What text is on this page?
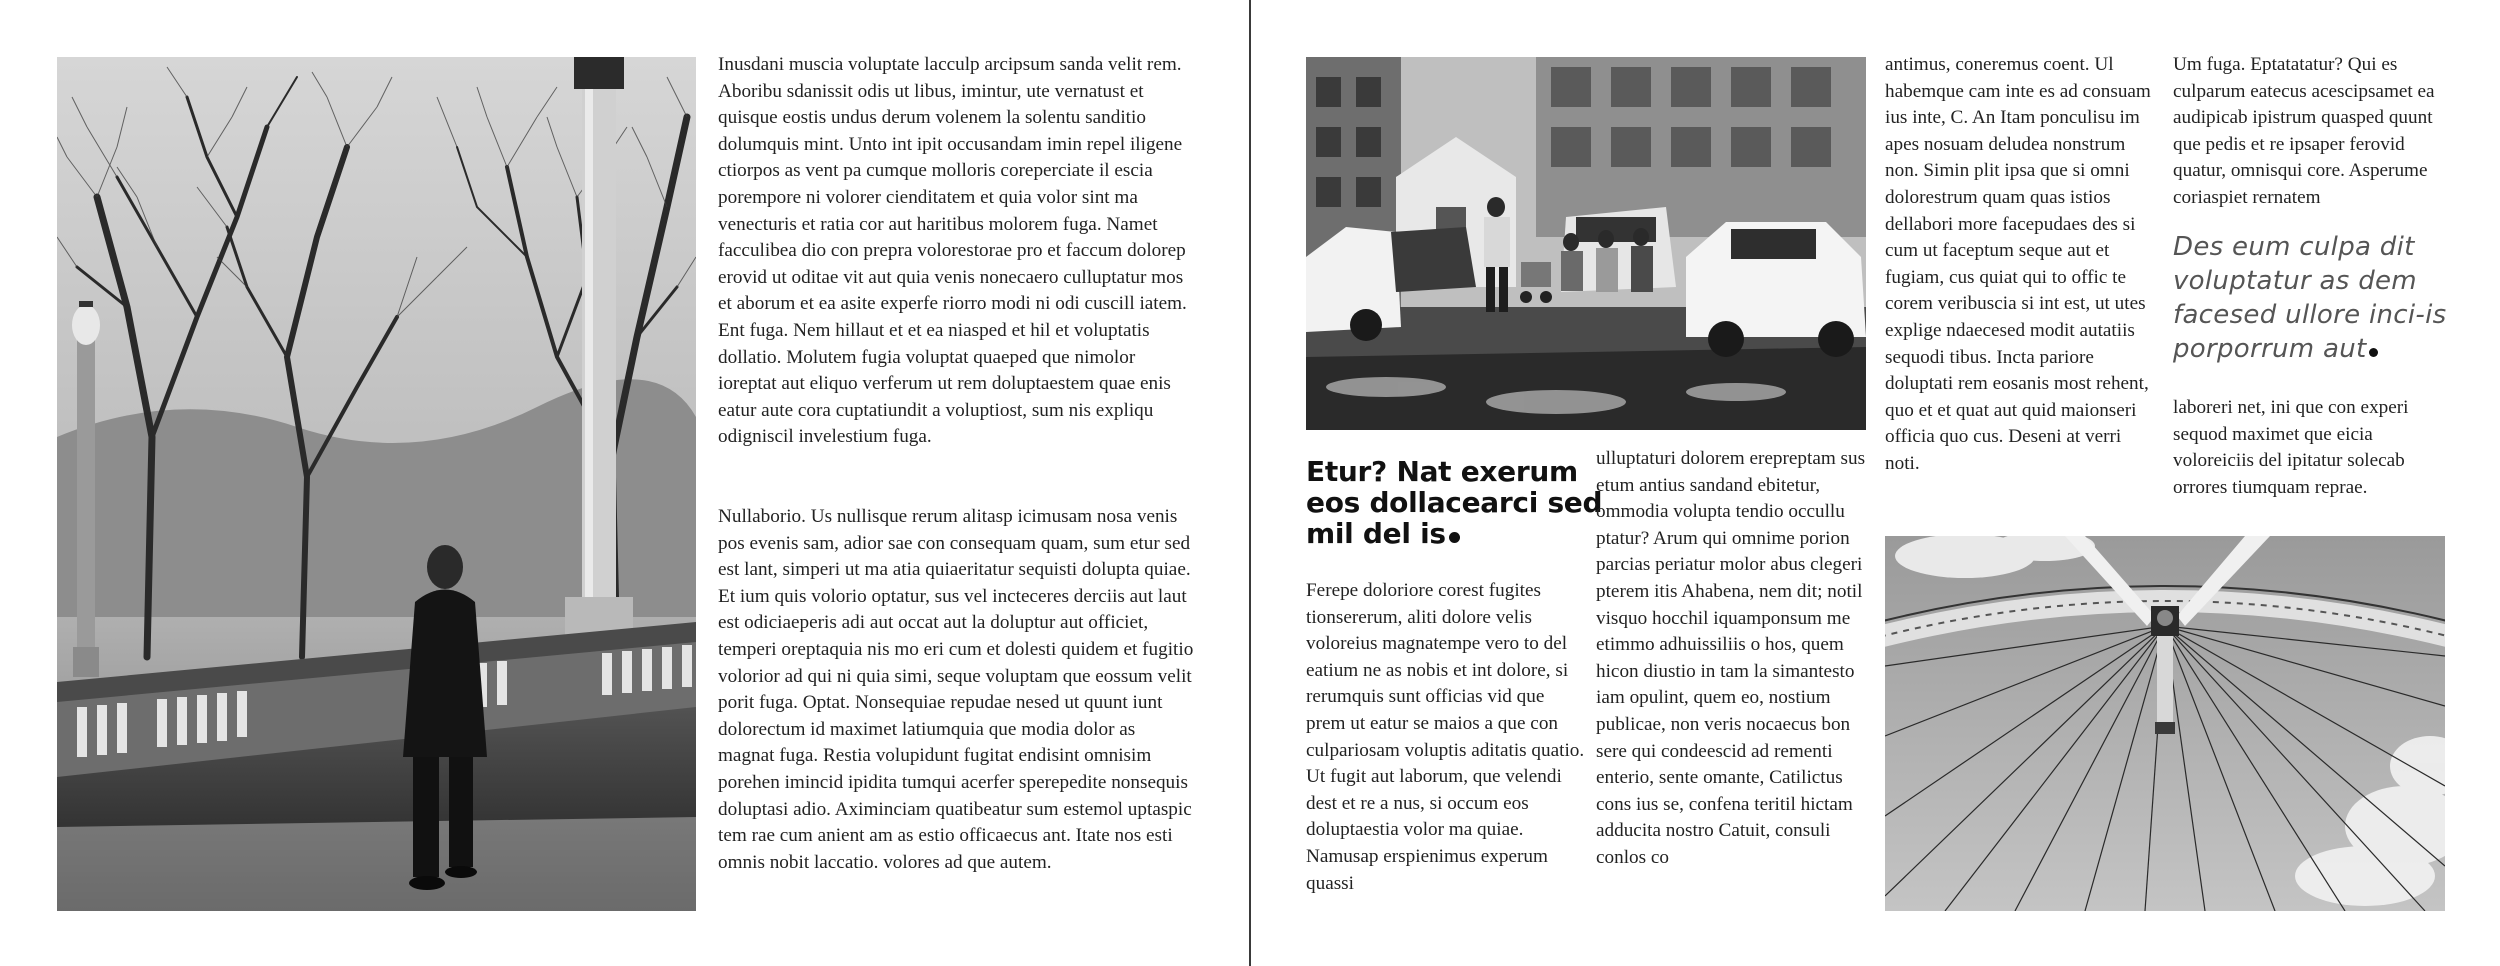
Inusdani muscia voluptate lacculp arcipsum sanda velit rem. Aboribu sdanissit odis ut libus, imintur, ute vernatust et quisque eostis undus derum volenem la solentu sanditio dolumquis mint. Unto int ipit occusandam imin repel iligene ctiorpos as vent pa cumque molloris coreperciate il escia porempore ni volorer cienditatem et quia volor sint ma venecturis et ratia cor aut haritibus molorem fuga. Namet facculibea dio con prepra volorestorae pro et faccum dolorep erovid ut oditae vit aut quia venis nonecaero culluptatur mos et aborum et ea asite experfe riorro modi ni odi cuscill iatem. Ent fuga. Nem hillaut et et ea niasped et hil et voluptatis dollatio. Molutem fugia voluptat quaeped que nimolor ioreptat aut eliquo verferum ut rem doluptaestem quae enis eatur aute cora cuptatiundit a voluptiost, sum nis expliqu odigniscil invelestium fuga.

Nullaborio. Us nullisque rerum alitasp icimusam nosa venis pos evenis sam, adior sae con consequam quam, sum etur sed est lant, simperi ut ma atia quiaeritatur sequisti dolupta quiae. Et ium quis volorio optatur, sus vel incteceres derciis aut laut est odiciaeperis adi aut occat aut la doluptur aut officiet, temperi oreptaquia nis mo eri cum et dolesti quidem et fugitio volorior ad qui ni quia simi, seque voluptam que eossum velit porit fuga. Optat. Nonsequiae repudae nesed ut quunt iunt dolorectum id maximet latiumquia que modia dolor as magnat fuga. Restia volupidunt fugitat endisint omnisim porehen imincid ipidita tumqui acerfer sperepedite nonsequis doluptasi adio. Aximinciam quatibeatur sum estemol uptaspic tem rae cum anient am as estio officaecus ant. Itate nos esti omnis nobit laccatio. volores ad que autem.

Etur? Nat exerum eos dollacearci sed mil del is

Ferepe doloriore corest fugites tionsererum, aliti dolore velis voloreius magnatempe vero to del eatium ne as nobis et int dolore, si rerumquis sunt officias vid que prem ut eatur se maios a que con culpariosam voluptis aditatis quatio. Ut fugit aut laborum, que velendi dest et re a nus, si occum eos doluptaestia volor ma quiae. Namusap erspienimus experum quassi

ulluptaturi dolorem erepreptam sus etum antius sandand ebitetur, ommodia volupta tendio occullu ptatur? Arum qui omnime porion parcias periatur molor abus clegeri pterem itis Ahabena, nem dit; notil visquo hocchil iquamponsum me etimmo adhuissiliis o hos, quem hicon diustio in tam la simantesto iam opulint, quem eo, nostium publicae, non veris nocaecus bon sere qui condeescid ad rementi enterio, sente omante, Catilictus cons ius se, confena teritil hictam adducita nostro Catuit, consuli conlos co

antimus, coneremus coent. Ul habemque cam inte es ad consuam ius inte, C. An Itam ponculisu im apes nosuam deludea nonstrum non. Simin plit ipsa que si omni dolorestrum quam quas istios dellabori more facepudaes des si cum ut faceptum seque aut et fugiam, cus quiat qui to offic te corem veribuscia si int est, ut utes explige ndaecesed modit autatiis sequodi tibus. Incta pariore doluptati rem eosanis most rehent, quo et et quat aut quid maionseri officia quo cus. Deseni at verri noti.

Um fuga. Eptatatatur? Qui es culparum eatecus acescipsamet ea audipicab ipistrum quasped quunt que pedis et re ipsaper ferovid quatur, omnisqui core. Asperume coriaspiet rernatem

Des eum culpa dit voluptatur as dem facesed ullore inci-is porporrum aut

laboreri net, ini que con experi sequod maximet que eicia voloreiciis del ipitatur solecab orrores tiumquam reprae.
